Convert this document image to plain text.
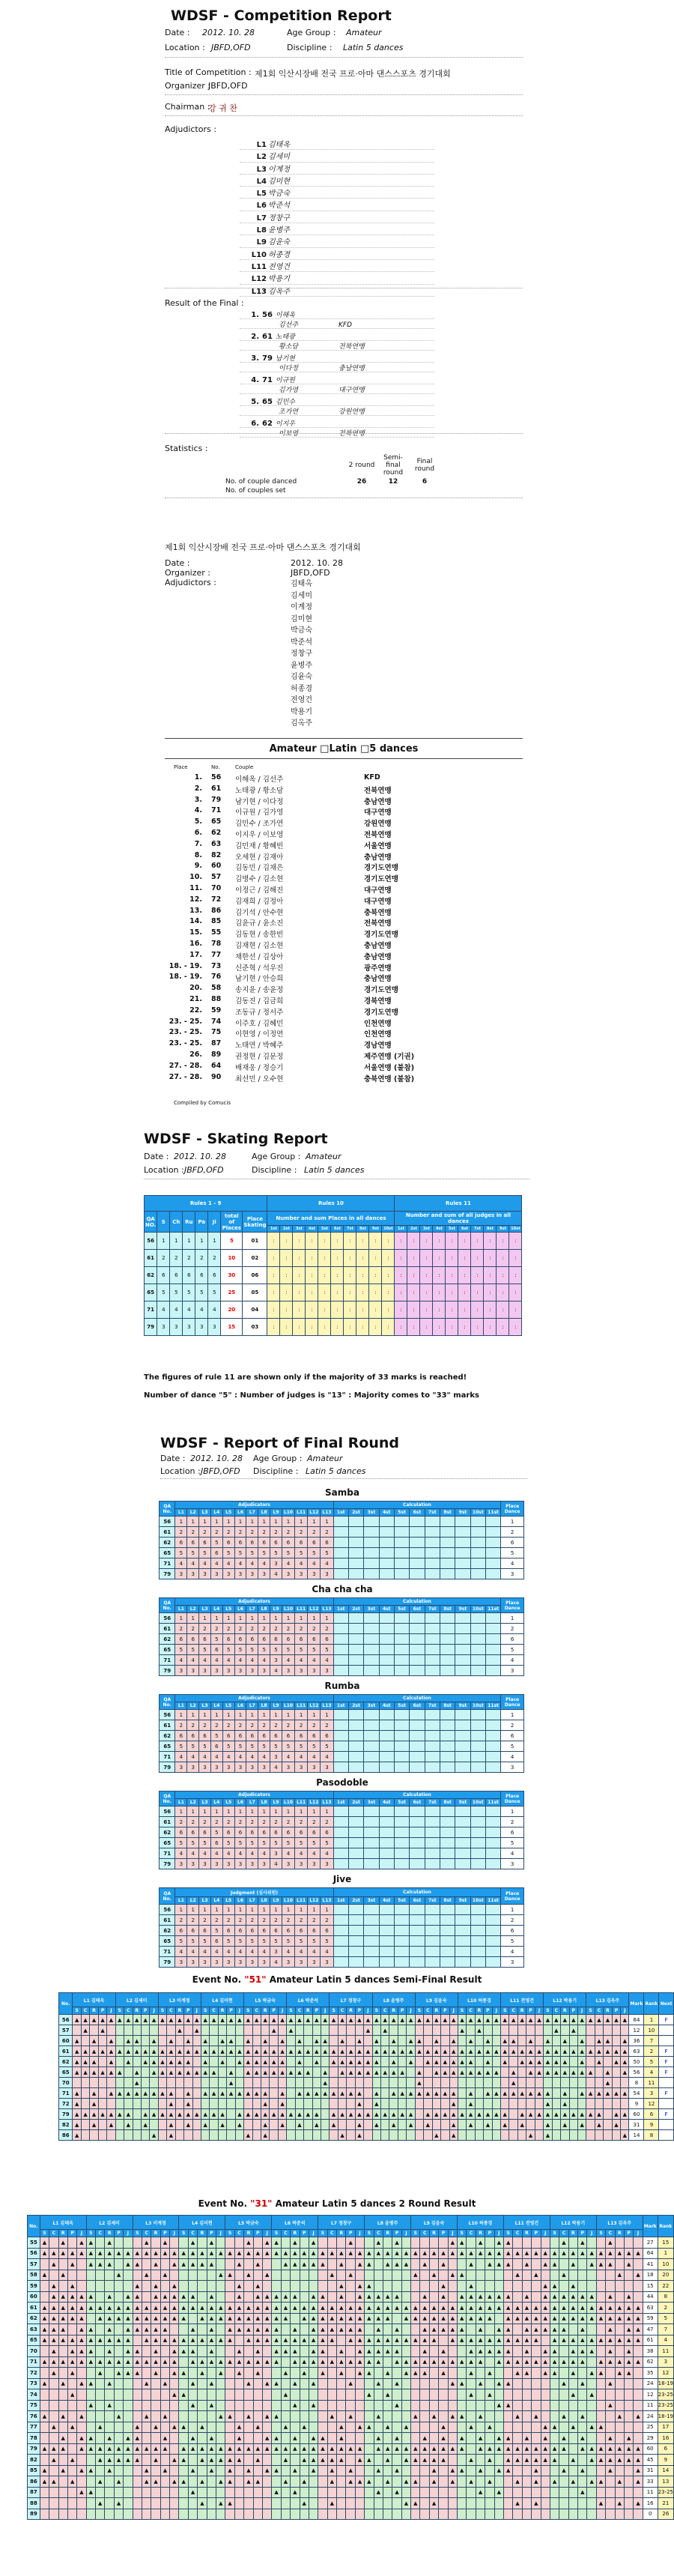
WDSF - Competition Report
Date : 2012. 10. 28	Age Group : Amateur
Location : JBFD,OFD	Discipline : Latin 5 dances
Title of Competition : 제1회 익산시장배 전국 프로·아마 댄스스포츠 경기대회
Organizer :
JBFD,OFD
Chairman :
강 귀 찬
Adjudictors :
L1 김태옥
L2 김세미
L3 이계정
L4 김미현
L5 박금숙
L6 박준석
L7 정창구
L8 윤병주
L9 김윤숙
L10 허종경
L11 전영건
L12 박용기
L13 김옥주
Result of the Final :
1. 56 이해옥
김선주	KFD
2. 61 노태광
황소담	전북연맹
3. 79 남기현
이다정	충남연맹
4. 71 이규원
김가영	대구연맹
5. 65 김민수
조가연	강원연맹
6. 62 이지우
이보영	전북연맹
Statistics :
	2 round	Semi-final round	Final round
No. of couple danced	26	12	6
No. of couples set			
제1회 익산시장배 전국 프로·아마 댄스스포츠 경기대회
Date :	2012. 10. 28
Organizer :	JBFD,OFD
Adjudictors :	김태옥
김세미
이계정
김미현
박금숙
박준석
정창구
윤병주
김윤숙
허종경
전영건
박용기
김옥주
Amateur □Latin □5 dances
Place	No.	Couple
1. 56 이해옥 / 김선주	KFD
2. 61 노태광 / 황소담	전북연맹
3. 79 남기현 / 이다정	충남연맹
4. 71 이규원 / 김가영	대구연맹
5. 65 김민수 / 조가연	강원연맹
6. 62 이지우 / 이보영	전북연맹
7. 63 김민재 / 황혜빈	서울연맹
8. 82 오세현 / 김재아	충남연맹
9. 60 김동민 / 김채은	경기도연맹
10. 57 김병수 / 김소현	경기도연맹
11. 70 이정근 / 김해진	대구연맹
12. 72 김재희 / 김정아	대구연맹
13. 86 김기석 / 안수현	충북연맹
14. 85 김윤규 / 윤소진	전북연맹
15. 55 김동현 / 송한빈	경기도연맹
16. 78 김재현 / 김소현	충남연맹
17. 77 채한선 / 김상아	충남연맹
18. - 19. 73 신준혁 / 석우진	광주연맹
18. - 19. 76 남기현 / 안승희	충남연맹
20. 58 송지윤 / 송윤정	경기도연맹
21. 88 김동진 / 김금희	경북연맹
22. 59 조동규 / 정서주	경기도연맹
23. - 25. 74 이주호 / 김혜민	인천연맹
23. - 25. 75 이현영 / 이정연	인천연맹
23. - 25. 87 노태연 / 박혜주	경남연맹
26. 89 권정현 / 김문정	제주연맹 (기권)
27. - 28. 64 배재웅 / 정승기	서울연맹 (불참)
27. - 28. 90 최선민 / 오수현	충북연맹 (불참)
Compiled by Comucis
WDSF - Skating Report
Date : 2012. 10. 28	Age Group : Amateur
Location : JBFD,OFD	Discipline : Latin 5 dances
Rules 1 - 9								Rules 10										Rules 11									
QA NO.	S	Ch	Ru	Pa	Ji	total of Places	Place Skating	Number and sum Places in all dances										Number and sum of all judges in all dances									
								1st	2st	3st	4st	5st	6st	7st	8st	9st	10st	1st	2st	3st	4st	5st	6st	7st	8st	9st	10st
56	1	1	1	1	1	5	01	:	:	:	:	:	:	:	:	:	:	:	:	:	:	:	:	:	:	:	:
61	2	2	2	2	2	10	02	:	:	:	:	:	:	:	:	:	:	:	:	:	:	:	:	:	:	:	:
62	6	6	6	6	6	30	06	:	:	:	:	:	:	:	:	:	:	:	:	:	:	:	:	:	:	:	:
65	5	5	5	5	5	25	05	:	:	:	:	:	:	:	:	:	:	:	:	:	:	:	:	:	:	:	:
71	4	4	4	4	4	20	04	:	:	:	:	:	:	:	:	:	:	:	:	:	:	:	:	:	:	:	:
79	3	3	3	3	3	15	03	:	:	:	:	:	:	:	:	:	:	:	:	:	:	:	:	:	:	:	:
The figures of rule 11 are shown only if the majority of 33 marks is reached!
Number of dance "5" : Number of judges is "13" : Majority comes to "33" marks
WDSF - Report of Final Round
Date : 2012. 10. 28 Age Group : Amateur
Location : JBFD,OFD Discipline : Latin 5 dances
Samba
QA No.	Adjudicators													Calculation											Place Dance
	L1	L2	L3	L4	L5	L6	L7	L8	L9	L10	L11	L12	L13	1st	2st	3st	4st	5st	6st	7st	8st	9st	10st	11st	
56	1	1	1	1	1	1	1	1	1	1	1	1	1												1
61	2	2	2	2	2	2	2	2	2	2	2	2	2												2
62	6	6	6	5	6	6	6	6	6	6	6	6	6												6
65	5	5	5	6	5	5	5	5	5	5	5	5	5												5
71	4	4	4	4	4	4	4	4	3	4	4	4	4												4
79	3	3	3	3	3	3	3	3	4	3	3	3	3												3
Cha cha cha
QA No.	Adjudicators													Calculation											Place Dance
	L1	L2	L3	L4	L5	L6	L7	L8	L9	L10	L11	L12	L13	1st	2st	3st	4st	5st	6st	7st	8st	9st	10st	11st	
56	1	1	1	1	1	1	1	1	1	1	1	1	1												1
61	2	2	2	2	2	2	2	2	2	2	2	2	2												2
62	6	6	6	5	6	6	6	6	6	6	6	6	6												6
65	5	5	5	6	5	5	5	5	5	5	5	5	5												5
71	4	4	4	4	4	4	4	4	3	4	4	4	4												4
79	3	3	3	3	3	3	3	3	4	3	3	3	3												3
Rumba
QA No.	Adjudicators													Calculation											Place Dance
	L1	L2	L3	L4	L5	L6	L7	L8	L9	L10	L11	L12	L13	1st	2st	3st	4st	5st	6st	7st	8st	9st	10st	11st	
56	1	1	1	1	1	1	1	1	1	1	1	1	1												1
61	2	2	2	2	2	2	2	2	2	2	2	2	2												2
62	6	6	6	5	6	6	6	6	6	6	6	6	6												6
65	5	5	5	6	5	5	5	5	5	5	5	5	5												5
71	4	4	4	4	4	4	4	4	3	4	4	4	4												4
79	3	3	3	3	3	3	3	3	4	3	3	3	3												3
Pasodoble
QA No.	Adjudicators													Calculation											Place Dance
	L1	L2	L3	L4	L5	L6	L7	L8	L9	L10	L11	L12	L13	1st	2st	3st	4st	5st	6st	7st	8st	9st	10st	11st	
56	1	1	1	1	1	1	1	1	1	1	1	1	1												1
61	2	2	2	2	2	2	2	2	2	2	2	2	2												2
62	6	6	6	5	6	6	6	6	6	6	6	6	6												6
65	5	5	5	6	5	5	5	5	5	5	5	5	5												5
71	4	4	4	4	4	4	4	4	3	4	4	4	4												4
79	3	3	3	3	3	3	3	3	4	3	3	3	3												3
Jive
QA No.	Judgment (심사위원)													Calculation											Place Dance
	L1	L2	L3	L4	L5	L6	L7	L8	L9	L10	L11	L12	L13	1st	2st	3st	4st	5st	6st	7st	8st	9st	10st	11st	
56	1	1	1	1	1	1	1	1	1	1	1	1	1												1
61	2	2	2	2	2	2	2	2	2	2	2	2	2												2
62	6	6	6	5	6	6	6	6	6	6	6	6	6												6
65	5	5	5	6	5	5	5	5	5	5	5	5	5												5
71	4	4	4	4	4	4	4	4	3	4	4	4	4												4
79	3	3	3	3	3	3	3	3	4	3	3	3	3												3
Event No. "51" Amateur Latin 5 dances Semi-Final Result
No.	L1 김태옥	L2 김세미	L3 이계정	L4 김미현	L5 박금숙	L6 박준석	L7 정창구	L8 윤병주	L9 김윤숙	L10 허종경	L11 전영건	L12 박용기	L13 김옥주	Mark	Rank	Next
S	C	R	P	J	S	C	R	P	J	S	C	R	P	J	S	C	R	P	J	S	C	R	P	J	S	C	R	P	J	S	C	R	P	J	S	C	R	P	J	S	C	R	P	J	S	C	R	P	J	S	C	R	P	J	S	C	R	P	J	S	C	R	P	J
56	▲	▲	▲	▲	▲	▲	▲	▲	▲	▲	▲	▲	▲	▲	▲	▲	▲	▲	▲	▲	▲	▲	▲	▲	▲	▲	▲	▲	▲	▲	▲	▲	▲	▲	▲	▲	▲	▲	▲	▲	▲	▲	▲	▲	▲	▲	▲	▲	▲	▲	▲	▲	▲	▲	▲	▲	▲	▲	▲	▲	▲	▲	▲	▲	▲	64	1	F
57		▲		▲									▲		▲									▲		▲									▲		▲									▲		▲									▲		▲							12	10	
60	▲		▲		▲		▲	▲		▲		▲		▲		▲		▲	▲		▲		▲		▲		▲		▲	▲		▲		▲		▲		▲		▲	▲		▲		▲		▲		▲		▲	▲		▲		▲		▲		▲		▲	▲		▲	36	7	
61	▲	▲	▲	▲	▲	▲	▲	▲	▲	▲	▲	▲	▲	▲	▲	▲	▲	▲	▲	▲	▲	▲	▲	▲	▲	▲	▲	▲	▲	▲	▲	▲	▲	▲	▲	▲	▲	▲	▲	▲	▲	▲	▲	▲	▲	▲	▲	▲	▲	▲	▲	▲	▲	▲	▲	▲	▲	▲	▲	▲	▲	▲	▲	▲	▲	63	2	F
62	▲	▲	▲		▲		▲		▲	▲	▲	▲	▲	▲		▲		▲		▲	▲	▲	▲	▲	▲		▲		▲		▲	▲	▲	▲	▲	▲		▲		▲		▲	▲	▲	▲	▲	▲		▲		▲		▲	▲	▲	▲	▲	▲		▲		▲		▲	▲	50	5	F
65	▲	▲	▲	▲	▲	▲		▲		▲	▲	▲	▲	▲	▲	▲	▲		▲		▲	▲	▲	▲	▲	▲	▲	▲		▲		▲	▲	▲	▲	▲	▲	▲	▲		▲		▲	▲	▲	▲	▲	▲	▲	▲		▲		▲	▲	▲	▲	▲	▲	▲	▲		▲		▲	56	4	F
70								▲											▲											▲											▲											▲											▲			8	11	
71	▲		▲		▲	▲	▲	▲	▲	▲	▲	▲		▲		▲	▲	▲	▲	▲	▲	▲	▲		▲		▲	▲	▲	▲	▲	▲	▲	▲		▲		▲	▲	▲	▲	▲	▲	▲	▲		▲		▲	▲	▲	▲	▲	▲	▲	▲		▲		▲	▲	▲	▲	▲	▲	54	3	F
72	▲		▲									▲		▲									▲		▲									▲		▲									▲		▲									▲		▲								9	12	
79	▲	▲	▲	▲	▲	▲	▲		▲	▲	▲	▲	▲	▲	▲	▲	▲	▲		▲	▲	▲	▲	▲	▲	▲	▲	▲	▲		▲	▲	▲	▲	▲	▲	▲	▲	▲	▲		▲	▲	▲	▲	▲	▲	▲	▲	▲	▲		▲	▲	▲	▲	▲	▲	▲	▲	▲	▲		▲	▲	60	6	F
82	▲		▲		▲		▲		▲			▲		▲		▲		▲		▲			▲		▲		▲		▲		▲			▲		▲		▲		▲		▲			▲		▲		▲		▲		▲			▲		▲		▲		▲		▲		31	9	
86	▲									▲		▲									▲		▲									▲		▲									▲		▲									▲		▲									▲	14	8	
Event No. "31" Amateur Latin 5 dances 2 Round Result
No.	L1 김태옥	L2 김세미	L3 이계정	L4 김미현	L5 박금숙	L6 박준석	L7 정창구	L8 윤병주	L9 김윤숙	L10 허종경	L11 전영건	L12 박용기	L13 김옥주	Mark	Rank
S	C	R	P	J	S	C	R	P	J	S	C	R	P	J	S	C	R	P	J	S	C	R	P	J	S	C	R	P	J	S	C	R	P	J	S	C	R	P	J	S	C	R	P	J	S	C	R	P	J	S	C	R	P	J	S	C	R	P	J	S	C	R	P	J
55	▲		▲		▲	▲		▲				▲		▲			▲		▲				▲		▲	▲		▲		▲				▲			▲		▲						▲	▲		▲		▲	▲						▲		▲			▲				27	15
56	▲	▲	▲	▲	▲	▲	▲	▲	▲	▲	▲	▲	▲	▲	▲	▲	▲	▲	▲	▲	▲	▲	▲	▲	▲	▲	▲	▲	▲	▲	▲	▲	▲	▲	▲	▲	▲	▲	▲	▲	▲	▲	▲	▲	▲	▲	▲	▲	▲	▲	▲	▲	▲	▲	▲	▲	▲	▲	▲	▲	▲	▲	▲	▲	▲	64	1
57		▲		▲		▲	▲	▲		▲	▲		▲		▲	▲	▲	▲	▲			▲		▲			▲	▲	▲	▲	▲		▲		▲	▲		▲	▲	▲		▲		▲			▲		▲	▲	▲		▲		▲	▲		▲		▲	▲	▲		▲		41	10
58	▲		▲						▲			▲		▲						▲	▲		▲		▲							▲		▲							▲		▲		▲	▲						▲		▲			▲						▲		▲	18	20
59		▲		▲							▲		▲		▲							▲		▲									▲		▲	▲								▲			▲								▲	▲		▲								15	22
60		▲	▲	▲	▲	▲		▲		▲	▲		▲	▲	▲	▲	▲		▲			▲		▲	▲	▲	▲	▲		▲	▲		▲		▲	▲	▲	▲	▲			▲		▲		▲	▲	▲	▲	▲	▲		▲		▲	▲	▲	▲	▲	▲		▲		▲		44	8
61	▲	▲	▲	▲	▲	▲	▲	▲	▲	▲	▲	▲	▲	▲	▲	▲	▲	▲	▲	▲	▲	▲	▲	▲	▲	▲	▲	▲	▲	▲	▲	▲	▲	▲	▲	▲	▲	▲	▲	▲	▲	▲	▲	▲	▲	▲	▲	▲	▲	▲	▲	▲	▲	▲	▲	▲	▲	▲	▲	▲	▲	▲	▲	▲	▲	63	2
62	▲	▲	▲	▲	▲		▲	▲	▲	▲	▲	▲	▲	▲	▲	▲		▲	▲	▲	▲	▲	▲	▲	▲	▲	▲		▲	▲	▲	▲	▲	▲	▲	▲	▲	▲		▲	▲	▲	▲	▲	▲	▲	▲	▲	▲		▲	▲	▲	▲	▲	▲	▲	▲	▲	▲	▲	▲	▲	▲	▲	59	5
63	▲	▲	▲		▲	▲		▲		▲	▲	▲	▲	▲			▲		▲		▲	▲	▲	▲	▲	▲		▲		▲	▲	▲	▲	▲	▲		▲		▲			▲	▲	▲	▲	▲		▲		▲	▲		▲	▲	▲	▲	▲		▲			▲		▲	▲	47	7
65	▲	▲	▲	▲	▲	▲	▲	▲	▲	▲		▲	▲	▲	▲	▲	▲	▲	▲	▲	▲		▲	▲	▲	▲	▲	▲	▲	▲	▲	▲		▲	▲	▲	▲	▲	▲	▲	▲	▲	▲		▲	▲	▲	▲	▲	▲	▲	▲	▲	▲		▲	▲	▲	▲	▲	▲	▲	▲	▲	▲	61	4
70		▲		▲	▲	▲		▲		▲	▲		▲		▲	▲	▲		▲			▲		▲		▲	▲	▲		▲	▲		▲		▲	▲	▲	▲	▲			▲		▲			▲	▲	▲	▲	▲		▲		▲	▲		▲	▲	▲		▲		▲		38	11
71	▲	▲	▲	▲	▲	▲	▲	▲	▲	▲	▲	▲	▲	▲	▲		▲	▲	▲	▲	▲	▲	▲	▲	▲	▲		▲	▲	▲	▲	▲	▲	▲	▲	▲	▲		▲	▲	▲	▲	▲	▲	▲	▲	▲	▲		▲	▲	▲	▲	▲	▲	▲	▲	▲	▲		▲	▲	▲	▲	▲	62	3
72		▲		▲			▲		▲	▲	▲		▲		▲	▲		▲		▲		▲		▲			▲		▲		▲		▲		▲	▲		▲		▲	▲	▲		▲			▲		▲			▲	▲		▲	▲		▲		▲	▲		▲	▲		35	12
73	▲		▲		▲	▲		▲				▲		▲			▲		▲				▲		▲	▲		▲		▲				▲			▲		▲						▲	▲		▲		▲	▲						▲		▲			▲				24	18-19
74				▲											▲	▲											▲									▲		▲									▲		▲									▲		▲						12	23-25
75						▲		▲									▲		▲									▲		▲									▲											▲	▲											▲				11	23-25
76	▲		▲		▲				▲			▲		▲						▲	▲		▲		▲	▲						▲		▲			▲				▲		▲		▲	▲		▲				▲		▲			▲		▲				▲		▲	24	18-19
77		▲		▲			▲				▲		▲		▲	▲		▲				▲		▲			▲		▲				▲		▲	▲		▲		▲				▲			▲		▲						▲	▲		▲		▲	▲					25	17
78			▲		▲	▲		▲		▲	▲			▲			▲		▲			▲			▲	▲		▲		▲	▲		▲				▲		▲			▲		▲		▲		▲		▲	▲		▲		▲		▲		▲			▲		▲		29	16
79	▲	▲	▲		▲	▲	▲	▲	▲	▲	▲	▲	▲	▲		▲	▲	▲	▲	▲	▲	▲	▲	▲	▲	▲	▲	▲	▲	▲	▲	▲	▲	▲	▲		▲	▲	▲	▲	▲	▲	▲	▲	▲	▲		▲	▲	▲	▲	▲	▲	▲	▲	▲	▲		▲	▲	▲	▲	▲	▲	▲	60	6
82		▲		▲			▲	▲	▲	▲	▲		▲		▲	▲		▲	▲	▲	▲	▲		▲			▲		▲	▲	▲	▲	▲		▲	▲		▲		▲	▲	▲	▲	▲			▲		▲		▲	▲	▲	▲	▲	▲		▲		▲	▲	▲	▲	▲	▲	45	9
85	▲		▲		▲	▲		▲				▲		▲			▲		▲		▲		▲		▲	▲		▲		▲		▲		▲			▲		▲				▲		▲	▲		▲		▲	▲			▲			▲		▲			▲			▲	31	14
86	▲	▲		▲			▲		▲			▲	▲		▲	▲		▲		▲	▲		▲	▲			▲		▲			▲		▲	▲	▲		▲		▲	▲		▲		▲		▲		▲			▲		▲		▲		▲		▲	▲		▲		▲	33	13
87					▲	▲											▲									▲		▲									▲		▲									▲		▲									▲							11	23-25
88							▲		▲									▲		▲	▲								▲			▲								▲	▲		▲									▲		▲							▲		▲		▲	16	21
89																																																																		0	26
